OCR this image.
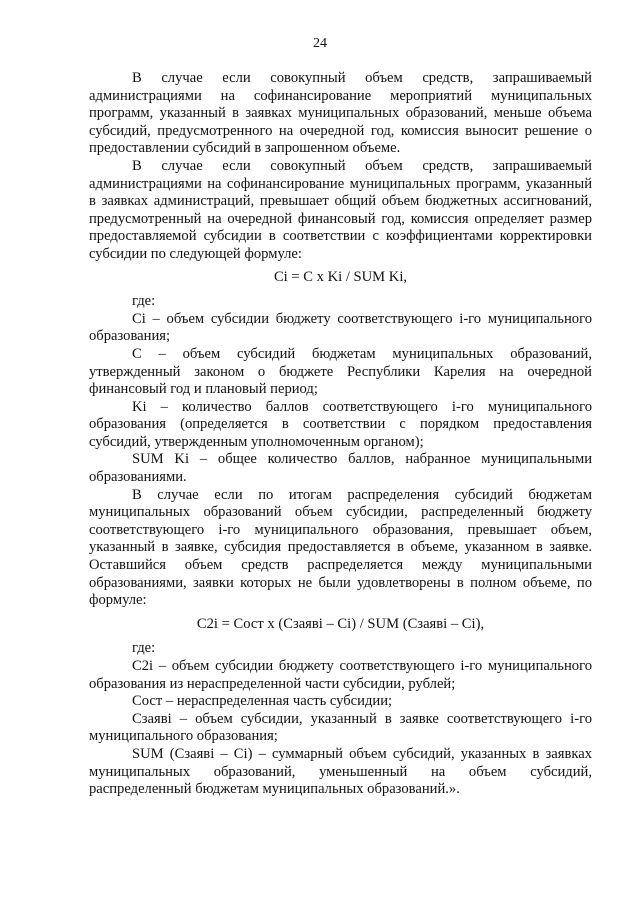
24

В случае если совокупный объем средств, запрашиваемый администрациями на софинансирование мероприятий муниципальных программ, указанный в заявках муниципальных образований, меньше объема субсидий, предусмотренного на очередной год, комиссия выносит решение о предоставлении субсидий в запрошенном объеме.

В случае если совокупный объем средств, запрашиваемый администрациями на софинансирование муниципальных программ, указанный в заявках администраций, превышает общий объем бюджетных ассигнований, предусмотренный на очередной финансовый год, комиссия определяет размер предоставляемой субсидии в соответствии с коэффициентами корректировки субсидии по следующей формуле:

Ci = C x Ki / SUM Ki,

где:

Ci – объем субсидии бюджету соответствующего i-го муниципального образования;

C – объем субсидий бюджетам муниципальных образований, утвержденный законом о бюджете Республики Карелия на очередной финансовый год и плановый период;

Ki – количество баллов соответствующего i-го муниципального образования (определяется в соответствии с порядком предоставления субсидий, утвержденным уполномоченным органом);

SUM Ki – общее количество баллов, набранное муниципальными образованиями.

В случае если по итогам распределения субсидий бюджетам муниципальных образований объем субсидии, распределенный бюджету соответствующего i-го муниципального образования, превышает объем, указанный в заявке, субсидия предоставляется в объеме, указанном в заявке. Оставшийся объем средств распределяется между муниципальными образованиями, заявки которых не были удовлетворены в полном объеме, по формуле:

C2i = Сост x (Сзаявi – Ci) / SUM (Сзаявi – Ci),

где:

C2i – объем субсидии бюджету соответствующего i-го муниципального образования из нераспределенной части субсидии, рублей;

Сост – нераспределенная часть субсидии;

Сзаявi – объем субсидии, указанный в заявке соответствующего i-го муниципального образования;

SUM (Сзаявi – Ci) – суммарный объем субсидий, указанных в заявках муниципальных образований, уменьшенный на объем субсидий, распределенный бюджетам муниципальных образований.».
